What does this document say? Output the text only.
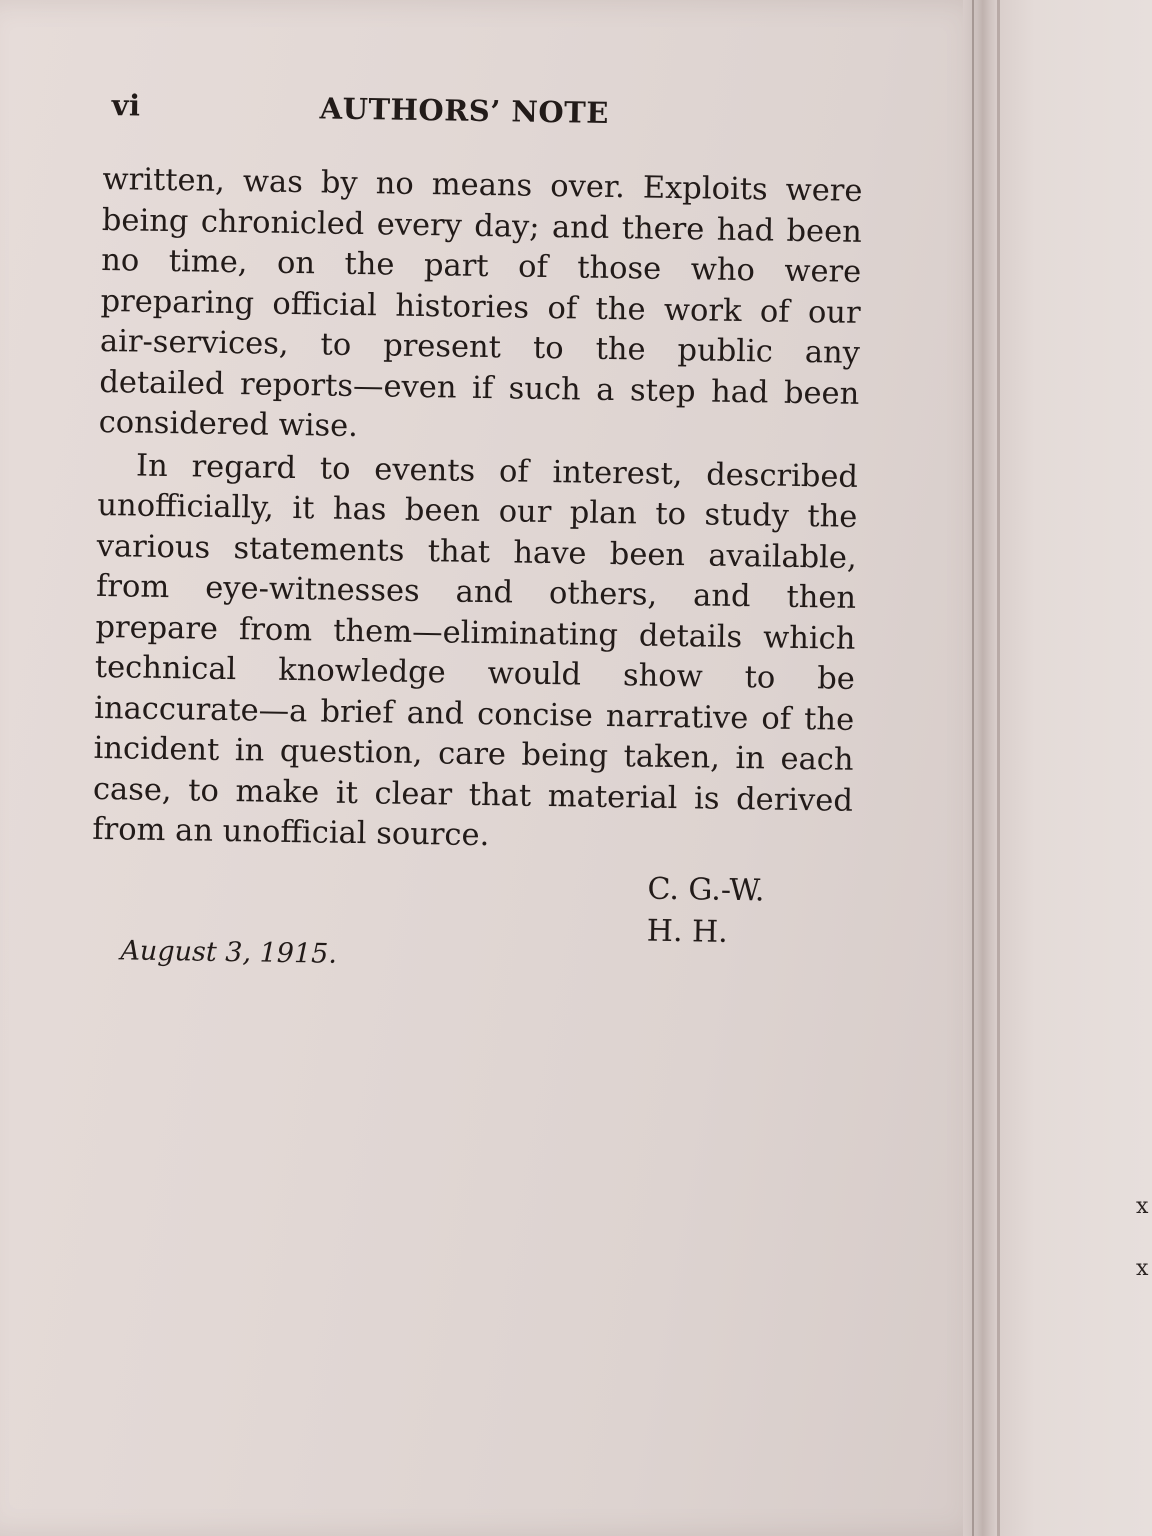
vi	AUTHORS’ NOTE

written, was by no means over. Exploits were being chronicled every day; and there had been no time, on the part of those who were preparing official histories of the work of our air-services, to present to the public any detailed reports—even if such a step had been considered wise.

In regard to events of interest, described unofficially, it has been our plan to study the various statements that have been available, from eye-witnesses and others, and then prepare from them—eliminating details which technical knowledge would show to be inaccurate—a brief and concise narrative of the incident in question, care being taken, in each case, to make it clear that material is derived from an unofficial source.

C. G.-W.
H. H.
August 3, 1915.
x
x
